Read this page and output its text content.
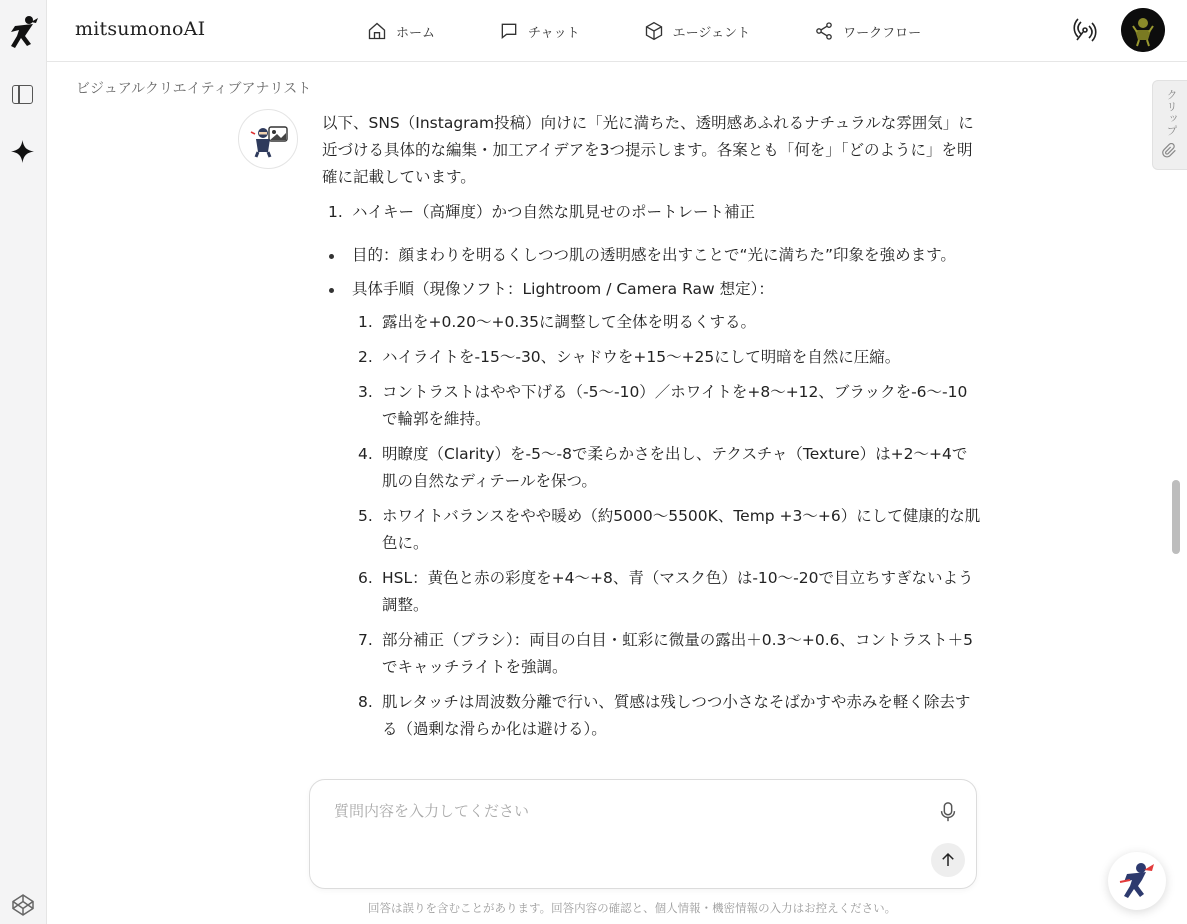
mitsumonoAI	ホーム	チャット	エージェント	ワークフロー
ビジュアルクリエイティブアナリスト

以下、SNS（Instagram投稿）向けに「光に満ちた、透明感あふれるナチュラルな雰囲気」に近づける具体的な編集・加工アイデアを3つ提示します。各案とも「何を」「どのように」を明確に記載しています。

1. ハイキー（高輝度）かつ自然な肌見せのポートレート補正
目的：顔まわりを明るくしつつ肌の透明感を出すことで“光に満ちた”印象を強めます。
具体手順（現像ソフト：Lightroom / Camera Raw 想定）：
1. 露出を+0.20〜+0.35に調整して全体を明るくする。
2. ハイライトを-15〜-30、シャドウを+15〜+25にして明暗を自然に圧縮。
3. コントラストはやや下げる（-5〜-10）／ホワイトを+8〜+12、ブラックを-6〜-10で輪郭を維持。
4. 明瞭度（Clarity）を-5〜-8で柔らかさを出し、テクスチャ（Texture）は+2〜+4で肌の自然なディテールを保つ。
5. ホワイトバランスをやや暖め（約5000〜5500K、Temp +3〜+6）にして健康的な肌色に。
6. HSL：黄色と赤の彩度を+4〜+8、青（マスク色）は-10〜-20で目立ちすぎないよう調整。
7. 部分補正（ブラシ）：両目の白目・虹彩に微量の露出＋0.3〜+0.6、コントラスト＋5でキャッチライトを強調。
8. 肌レタッチは周波数分離で行い、質感は残しつつ小さなそばかすや赤みを軽く除去する（過剰な滑らか化は避ける）。
クリップ
質問内容を入力してください
回答は誤りを含むことがあります。回答内容の確認と、個人情報・機密情報の入力はお控えください。
